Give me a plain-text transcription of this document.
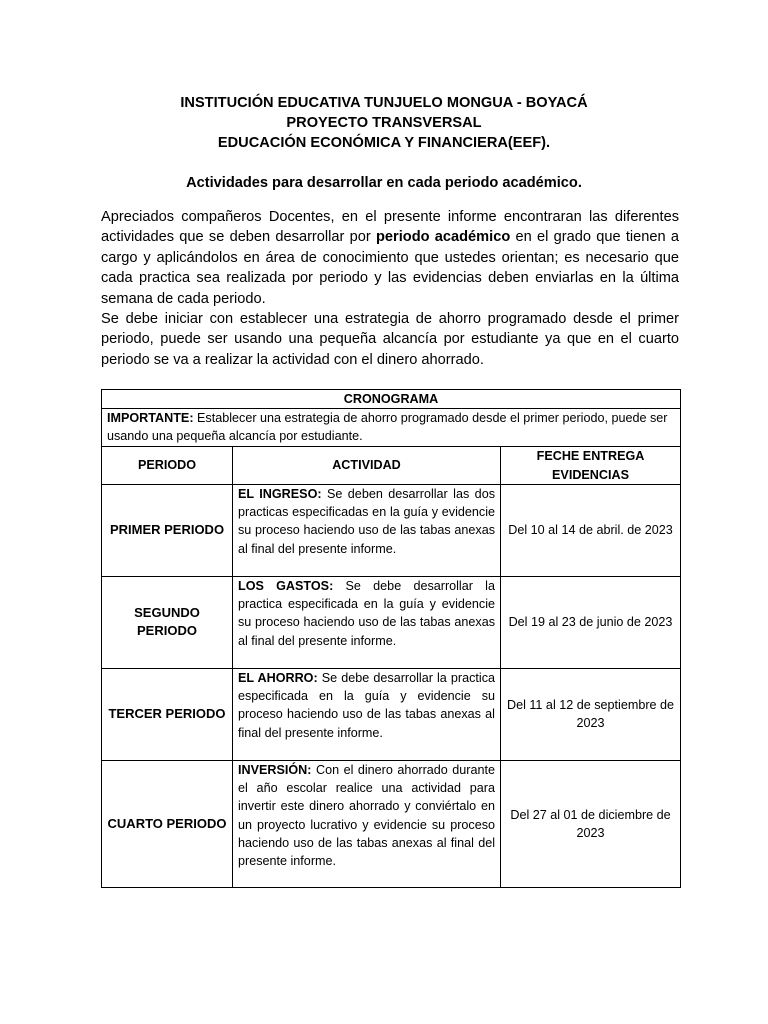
INSTITUCIÓN EDUCATIVA TUNJUELO MONGUA - BOYACÁ
PROYECTO TRANSVERSAL
EDUCACIÓN ECONÓMICA Y FINANCIERA(EEF).
Actividades para desarrollar en cada periodo académico.

Apreciados compañeros Docentes, en el presente informe encontraran las diferentes actividades que se deben desarrollar por periodo académico en el grado que tienen a cargo y aplicándolos en área de conocimiento que ustedes orientan; es necesario que cada practica sea realizada por periodo y las evidencias deben enviarlas en la última semana de cada periodo.

Se debe iniciar con establecer una estrategia de ahorro programado desde el primer periodo, puede ser usando una pequeña alcancía por estudiante ya que en el cuarto periodo se va a realizar la actividad con el dinero ahorrado.

CRONOGRAMA		
IMPORTANTE: Establecer una estrategia de ahorro programado desde el primer periodo, puede ser usando una pequeña alcancía por estudiante.		
PERIODO	ACTIVIDAD	FECHE ENTREGA EVIDENCIAS
PRIMER PERIODO	EL INGRESO: Se deben desarrollar las dos practicas especificadas en la guía y evidencie su proceso haciendo uso de las tabas anexas al final del presente informe.	Del 10 al 14 de abril. de 2023
SEGUNDO PERIODO	LOS GASTOS: Se debe desarrollar la practica especificada en la guía y evidencie su proceso haciendo uso de las tabas anexas al final del presente informe.	Del 19 al 23 de junio de 2023
TERCER PERIODO	EL AHORRO: Se debe desarrollar la practica especificada en la guía y evidencie su proceso haciendo uso de las tabas anexas al final del presente informe.	Del 11 al 12 de septiembre de 2023
CUARTO PERIODO	INVERSIÓN: Con el dinero ahorrado durante el año escolar realice una actividad para invertir este dinero ahorrado y conviértalo en un proyecto lucrativo y evidencie su proceso haciendo uso de las tabas anexas al final del presente informe.	Del 27 al 01 de diciembre de 2023
